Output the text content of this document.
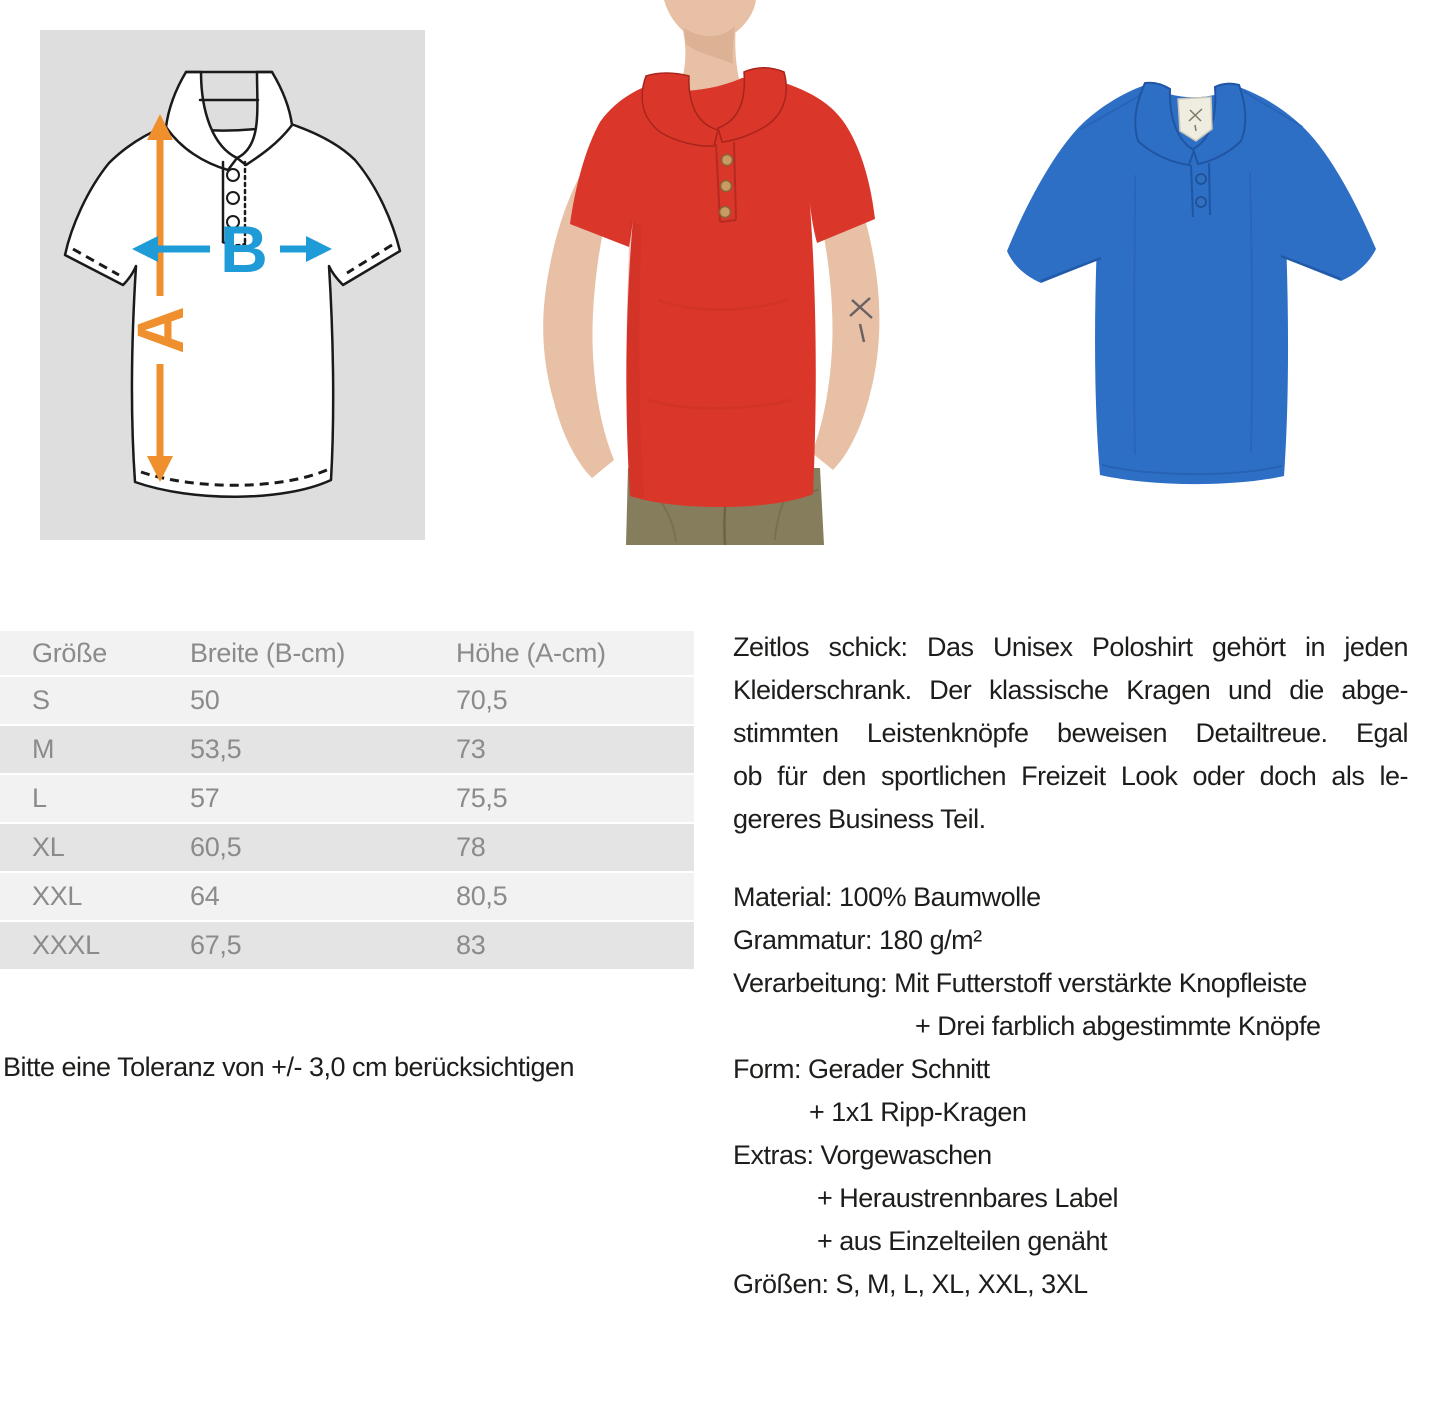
A
B
Größe	Breite (B-cm)	Höhe (A-cm)
S	50	70,5
M	53,5	73
L	57	75,5
XL	60,5	78
XXL	64	80,5
XXXL	67,5	83
Bitte eine Toleranz von +/- 3,0 cm berücksichtigen
Zeitlos schick: Das Unisex Poloshirt gehört in jeden
Kleiderschrank. Der klassische Kragen und die abge-
stimmten Leistenknöpfe beweisen Detailtreue. Egal
ob für den sportlichen Freizeit Look oder doch als le-
gereres Business Teil.
Material: 100% Baumwolle
Grammatur: 180 g/m²
Verarbeitung: Mit Futterstoff verstärkte Knopfleiste
+ Drei farblich abgestimmte Knöpfe
Form: Gerader Schnitt
+ 1x1 Ripp-Kragen
Extras: Vorgewaschen
+ Heraustrennbares Label
+ aus Einzelteilen genäht
Größen: S, M, L, XL, XXL, 3XL
